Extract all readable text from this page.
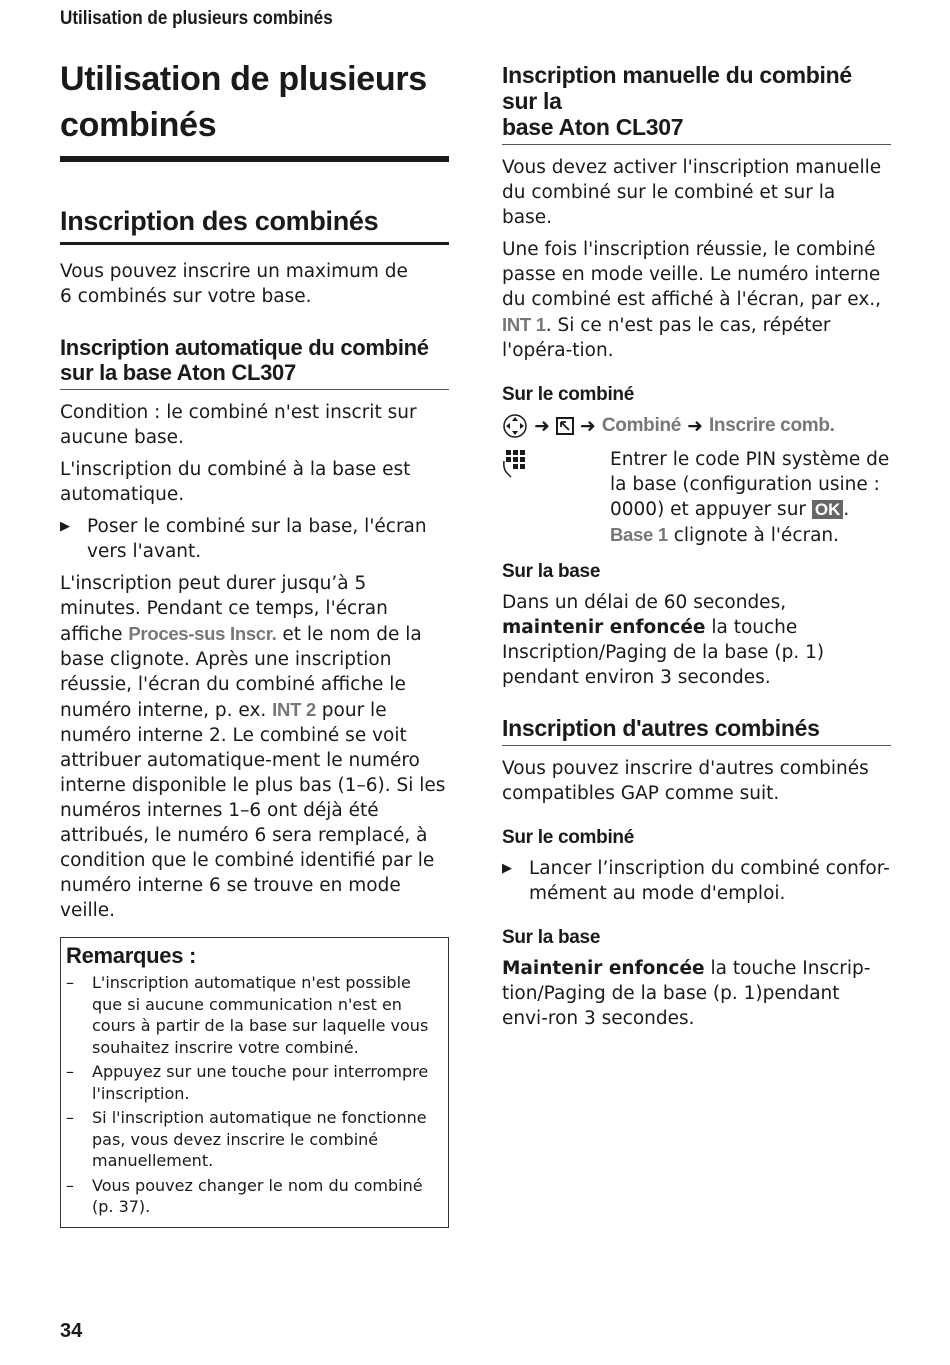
Utilisation de plusieurs combinés
Utilisation de plusieurs
combinés
Inscription des combinés

Vous pouvez inscrire un maximum de

6 combinés sur votre base.

Inscription automatique du combiné
sur la base Aton CL307

Condition : le combiné n'est inscrit sur aucune base.

L'inscription du combiné à la base est automatique.

▶ Poser le combiné sur la base, l'écran vers l'avant.

L'inscription peut durer jusqu’à 5 minutes. Pendant ce temps, l'écran affiche Proces-sus Inscr. et le nom de la base clignote. Après une inscription réussie, l'écran du combiné affiche le numéro interne, p. ex. INT 2 pour le numéro interne 2. Le combiné se voit attribuer automatique-ment le numéro interne disponible le plus bas (1–6). Si les numéros internes 1–6 ont déjà été attribués, le numéro 6 sera remplacé, à condition que le combiné identifié par le numéro interne 6 se trouve en mode veille.

Remarques :
–	L'inscription automatique n'est possible que si aucune communication n'est en cours à partir de la base sur laquelle vous souhaitez inscrire votre combiné.
–	Appuyez sur une touche pour interrompre l'inscription.
–	Si l'inscription automatique ne fonctionne pas, vous devez inscrire le combiné manuellement.
–	Vous pouvez changer le nom du combiné (p. 37).
Inscription manuelle du combiné sur la
base Aton CL307

Vous devez activer l'inscription manuelle du combiné sur le combiné et sur la base.

Une fois l'inscription réussie, le combiné passe en mode veille. Le numéro interne du combiné est affiché à l'écran, par ex., INT 1. Si ce n'est pas le cas, répéter l'opéra-tion.

Sur le combiné
➜ ➜ Combiné ➜ Inscrire comb.
Entrer le code PIN système de la base (configuration usine : 0000) et appuyer sur OK .
Base 1 clignote à l'écran.
Sur la base

Dans un délai de 60 secondes, maintenir enfoncée la touche Inscription/Paging de la base (p. 1) pendant environ 3 secondes.

Inscription d'autres combinés

Vous pouvez inscrire d'autres combinés compatibles GAP comme suit.

Sur le combiné
▶ Lancer l’inscription du combiné confor-mément au mode d'emploi.
Sur la base

Maintenir enfoncée la touche Inscrip-tion/Paging de la base (p. 1)pendant envi-ron 3 secondes.

34
